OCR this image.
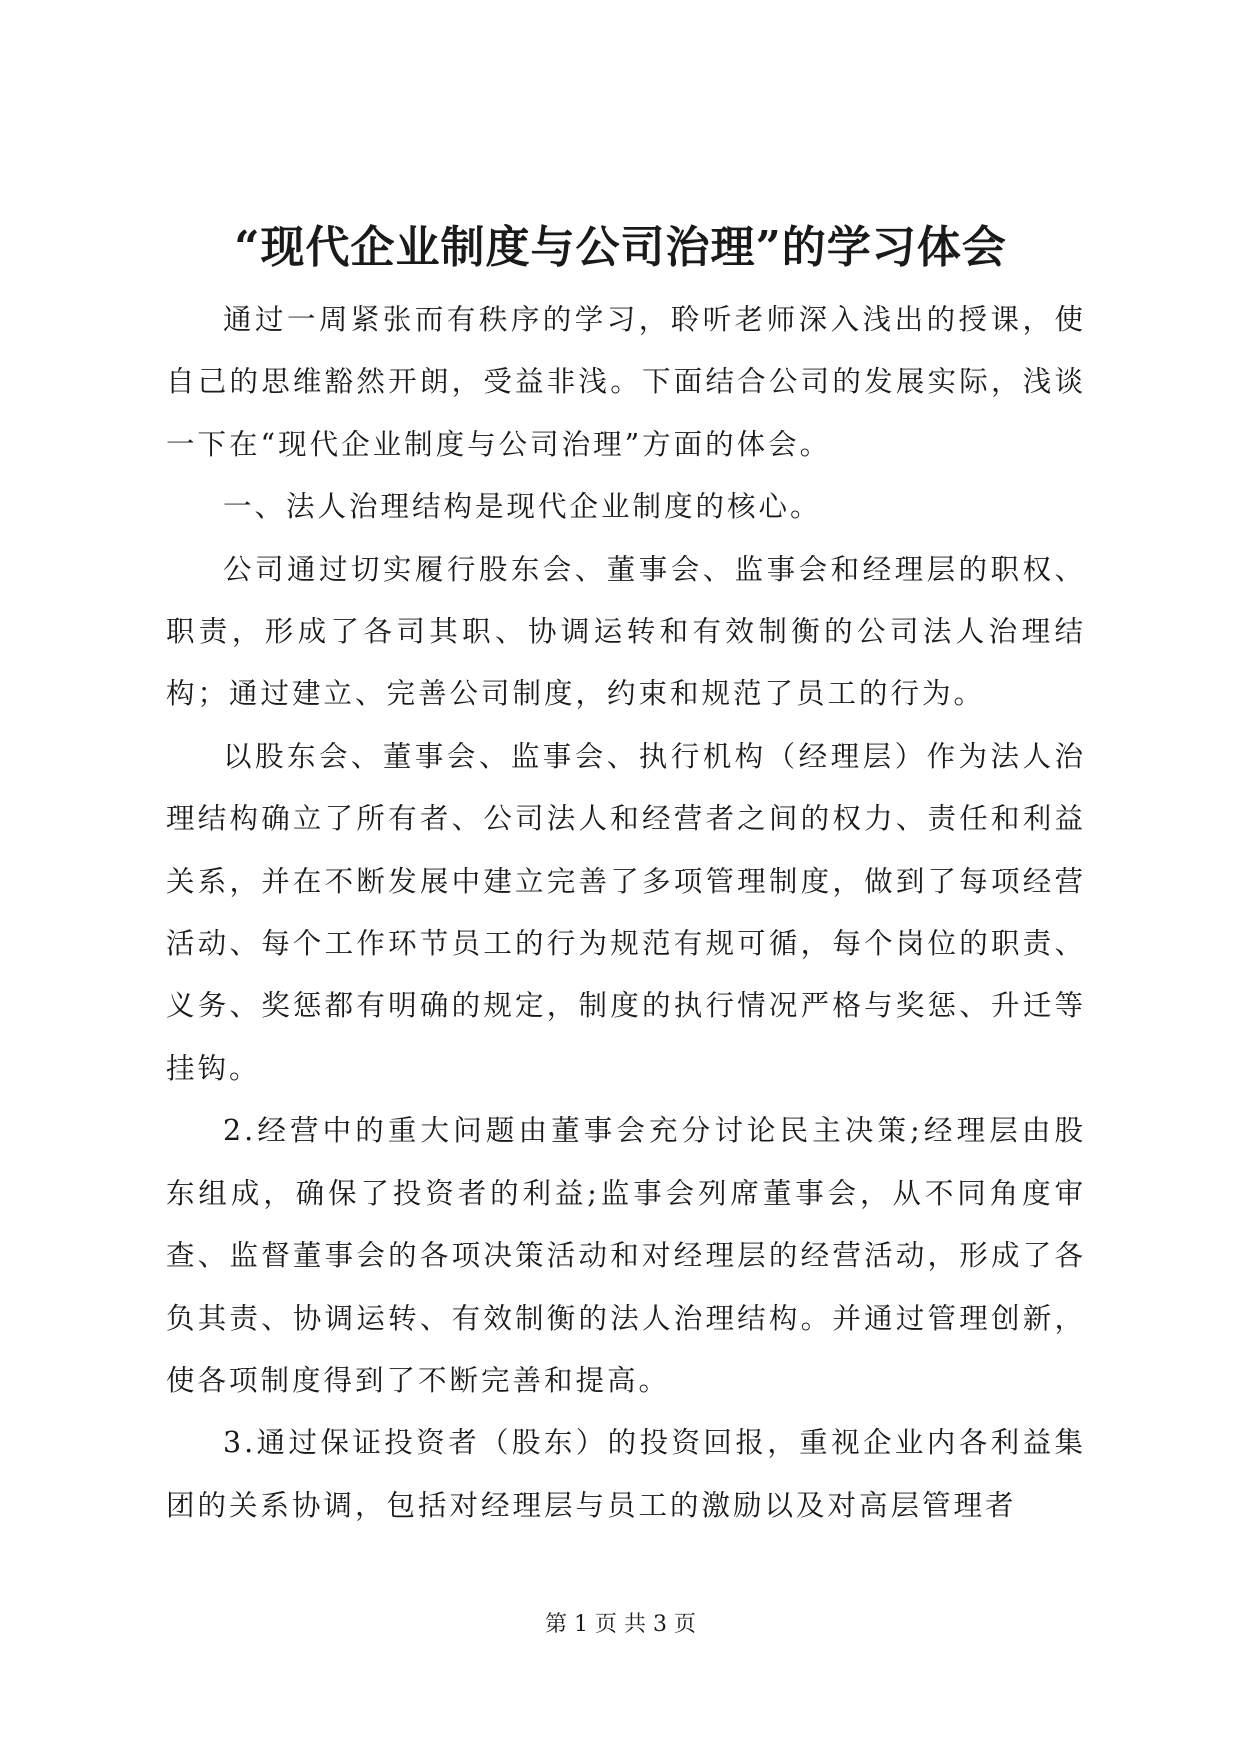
“现代企业制度与公司治理”的学习体会

通过一周紧张而有秩序的学习，聆听老师深入浅出的授课，使自己的思维豁然开朗，受益非浅。下面结合公司的发展实际，浅谈一下在“现代企业制度与公司治理”方面的体会。

一、法人治理结构是现代企业制度的核心。

公司通过切实履行股东会、董事会、监事会和经理层的职权、职责，形成了各司其职、协调运转和有效制衡的公司法人治理结构；通过建立、完善公司制度，约束和规范了员工的行为。

以股东会、董事会、监事会、执行机构（经理层）作为法人治理结构确立了所有者、公司法人和经营者之间的权力、责任和利益关系，并在不断发展中建立完善了多项管理制度，做到了每项经营活动、每个工作环节员工的行为规范有规可循，每个岗位的职责、义务、奖惩都有明确的规定，制度的执行情况严格与奖惩、升迁等挂钩。

2.经营中的重大问题由董事会充分讨论民主决策;经理层由股东组成，确保了投资者的利益;监事会列席董事会，从不同角度审查、监督董事会的各项决策活动和对经理层的经营活动，形成了各负其责、协调运转、有效制衡的法人治理结构。并通过管理创新，使各项制度得到了不断完善和提高。

3.通过保证投资者（股东）的投资回报，重视企业内各利益集团的关系协调，包括对经理层与员工的激励以及对高层管理者

第 1 页 共 3 页
